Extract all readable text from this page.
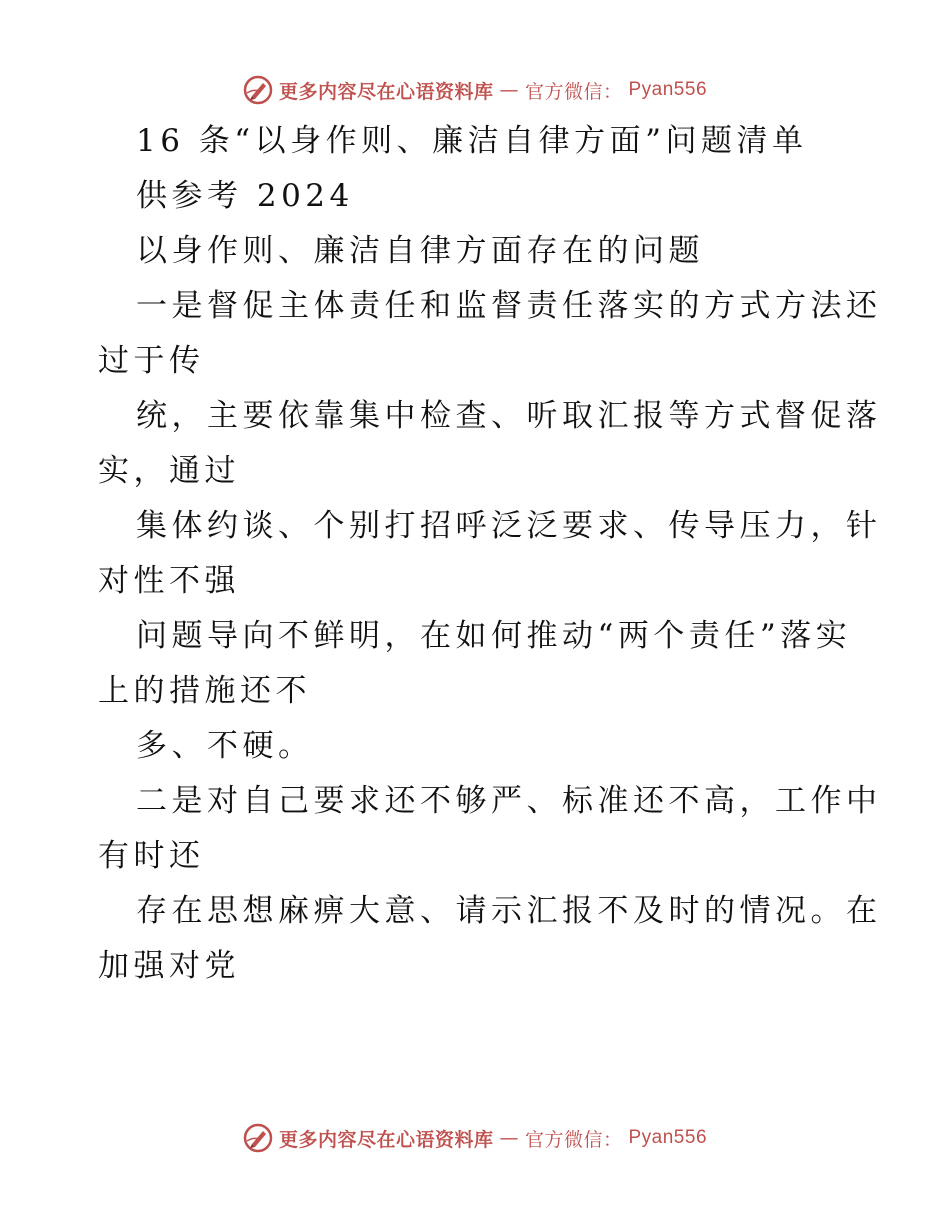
更多内容尽在心语资料库 — 官方微信： Pyan556
16 条“以身作则、廉洁自律方面”问题清单
供参考 2024
以身作则、廉洁自律方面存在的问题
一是督促主体责任和监督责任落实的方式方法还
过于传
统，主要依靠集中检查、听取汇报等方式督促落
实，通过
集体约谈、个别打招呼泛泛要求、传导压力，针
对性不强
问题导向不鲜明，在如何推动“两个责任”落实
上的措施还不
多、不硬。
二是对自己要求还不够严、标准还不高，工作中
有时还
存在思想麻痹大意、请示汇报不及时的情况。在
加强对党
更多内容尽在心语资料库 — 官方微信： Pyan556
